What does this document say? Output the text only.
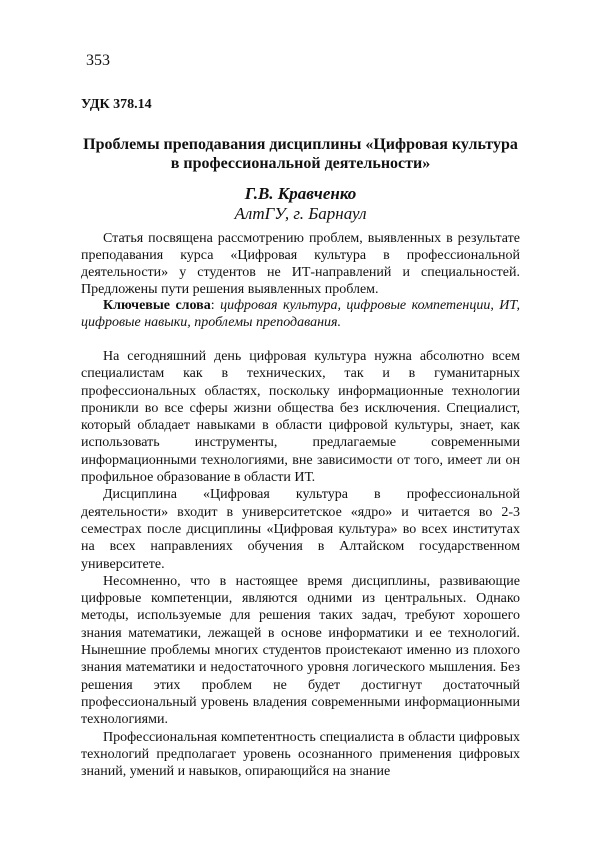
353
УДК 378.14
Проблемы преподавания дисциплины «Цифровая культура в профессиональной деятельности»
Г.В. Кравченко
АлтГУ, г. Барнаул

Статья посвящена рассмотрению проблем, выявленных в результате преподавания курса «Цифровая культура в профессиональной деятельности» у студентов не ИТ-направлений и специальностей. Предложены пути решения выявленных проблем.

Ключевые слова: цифровая культура, цифровые компетенции, ИТ, цифровые навыки, проблемы преподавания.

На сегодняшний день цифровая культура нужна абсолютно всем специалистам как в технических, так и в гуманитарных профессиональных областях, поскольку информационные технологии проникли во все сферы жизни общества без исключения. Специалист, который обладает навыками в области цифровой культуры, знает, как использовать инструменты, предлагаемые современными информационными технологиями, вне зависимости от того, имеет ли он профильное образование в области ИТ.

Дисциплина «Цифровая культура в профессиональной деятельности» входит в университетское «ядро» и читается во 2-3 семестрах после дисциплины «Цифровая культура» во всех институтах на всех направлениях обучения в Алтайском государственном университете.

Несомненно, что в настоящее время дисциплины, развивающие цифровые компетенции, являются одними из центральных. Однако методы, используемые для решения таких задач, требуют хорошего знания математики, лежащей в основе информатики и ее технологий. Нынешние проблемы многих студентов проистекают именно из плохого знания математики и недостаточного уровня логического мышления. Без решения этих проблем не будет достигнут достаточный профессиональный уровень владения современными информационными технологиями.

Профессиональная компетентность специалиста в области цифровых технологий предполагает уровень осознанного применения цифровых знаний, умений и навыков, опирающийся на знание
